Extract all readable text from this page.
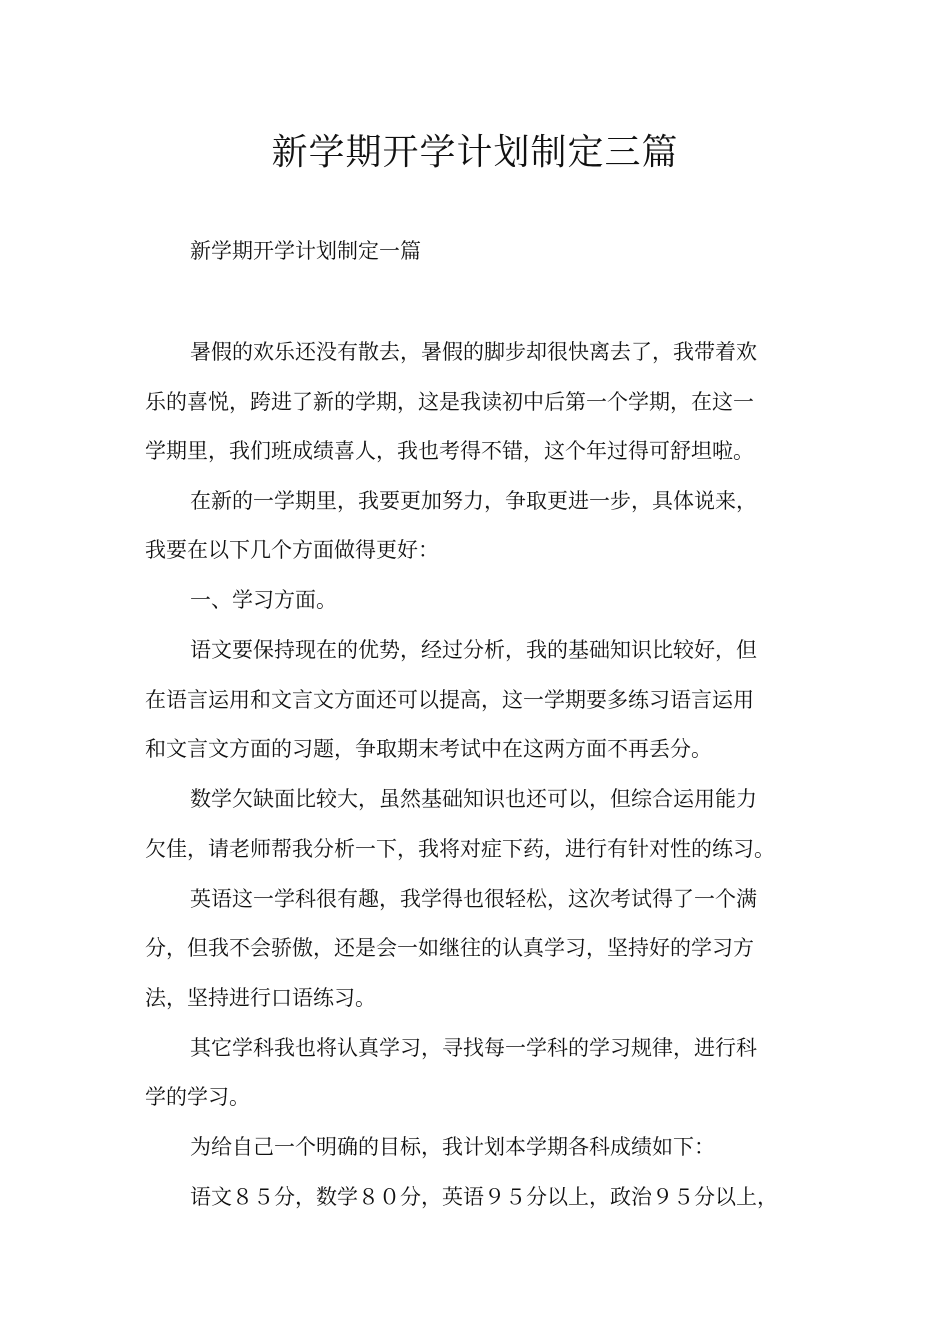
新学期开学计划制定三篇
新学期开学计划制定一篇
暑假的欢乐还没有散去，暑假的脚步却很快离去了，我带着欢
乐的喜悦，跨进了新的学期，这是我读初中后第一个学期，在这一
学期里，我们班成绩喜人，我也考得不错，这个年过得可舒坦啦。
在新的一学期里，我要更加努力，争取更进一步，具体说来，
我要在以下几个方面做得更好：
一、学习方面。
语文要保持现在的优势，经过分析，我的基础知识比较好，但
在语言运用和文言文方面还可以提高，这一学期要多练习语言运用
和文言文方面的习题，争取期末考试中在这两方面不再丢分。
数学欠缺面比较大，虽然基础知识也还可以，但综合运用能力
欠佳，请老师帮我分析一下，我将对症下药，进行有针对性的练习。
英语这一学科很有趣，我学得也很轻松，这次考试得了一个满
分，但我不会骄傲，还是会一如继往的认真学习，坚持好的学习方
法，坚持进行口语练习。
其它学科我也将认真学习，寻找每一学科的学习规律，进行科
学的学习。
为给自己一个明确的目标，我计划本学期各科成绩如下：
语文８５分，数学８０分，英语９５分以上，政治９５分以上，
